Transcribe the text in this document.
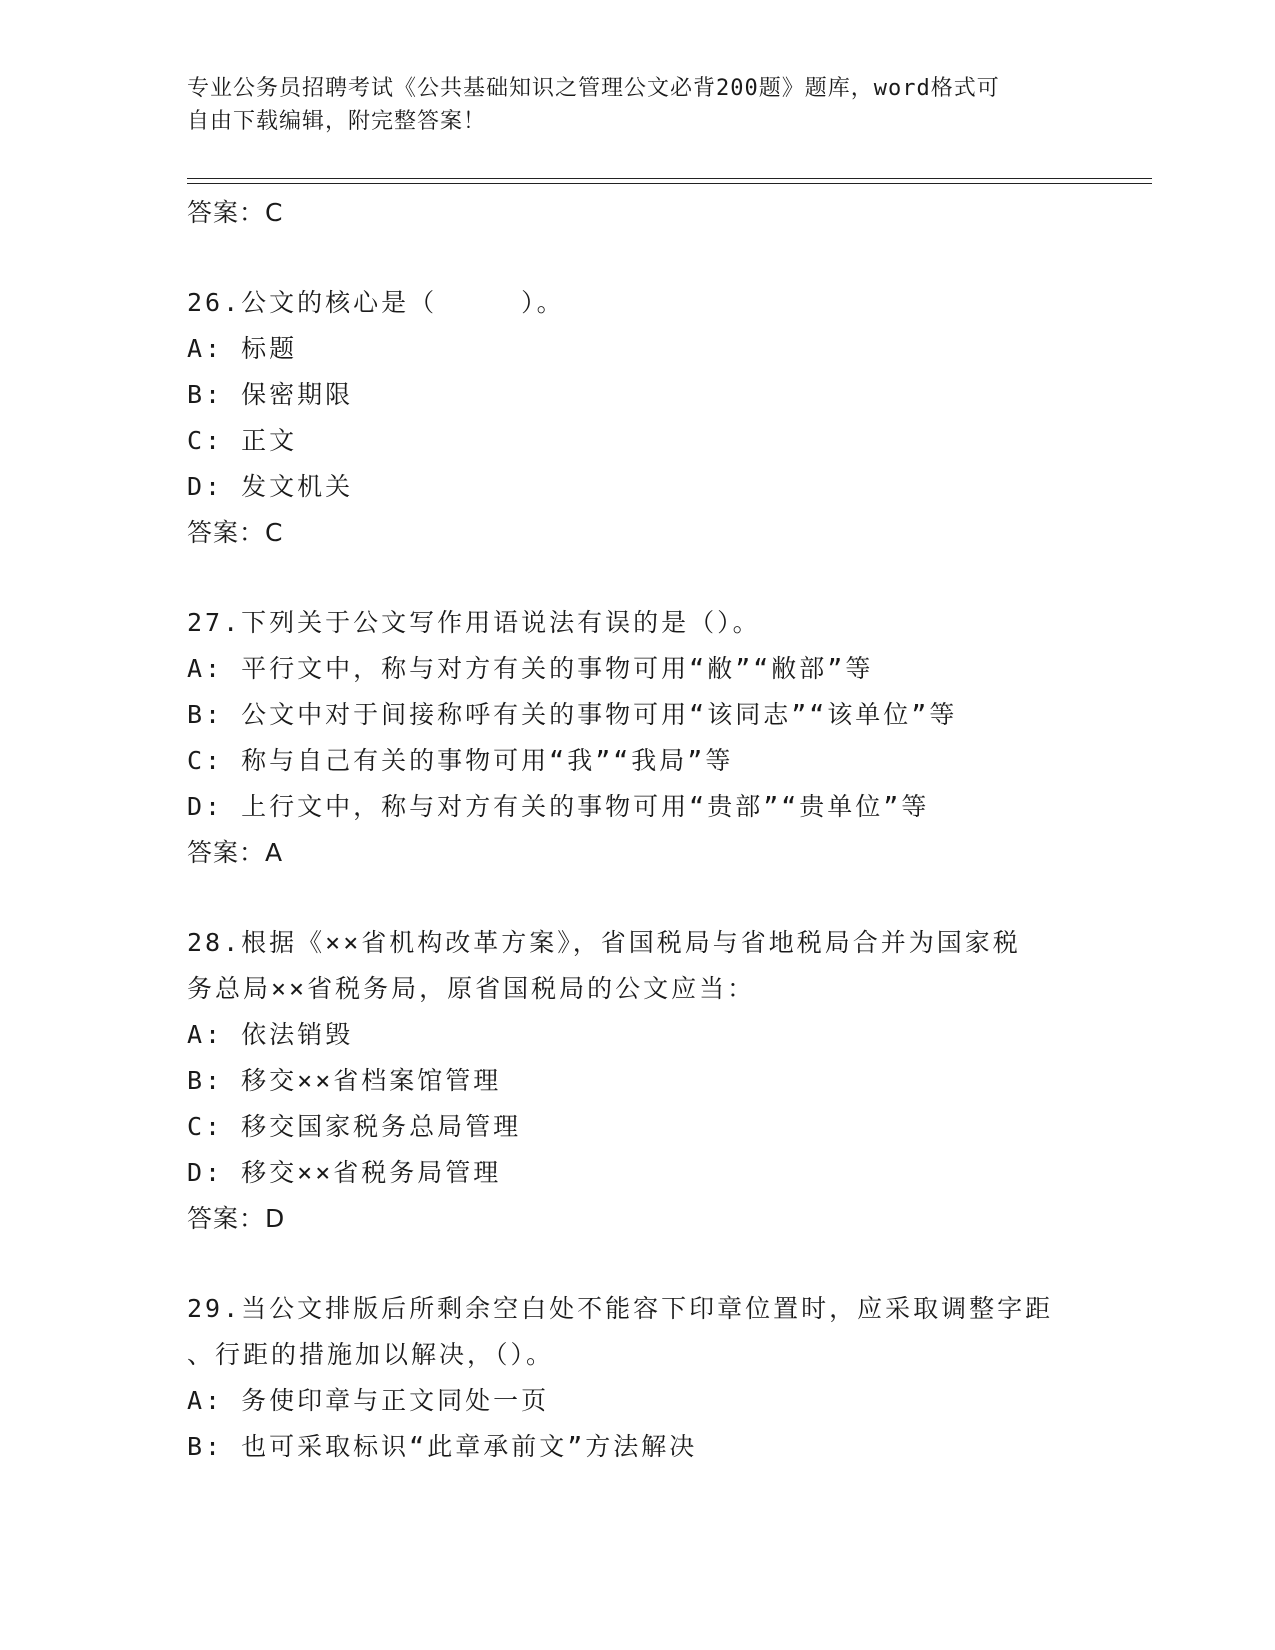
专业公务员招聘考试《公共基础知识之管理公文必背200题》题库，word格式可
自由下载编辑，附完整答案！
答案：C
26.公文的核心是（　　　）。
A: 标题
B: 保密期限
C: 正文
D: 发文机关
答案：C
27.下列关于公文写作用语说法有误的是（）。
A: 平行文中，称与对方有关的事物可用“敝”“敝部”等
B: 公文中对于间接称呼有关的事物可用“该同志”“该单位”等
C: 称与自己有关的事物可用“我”“我局”等
D: 上行文中，称与对方有关的事物可用“贵部”“贵单位”等
答案：A
28.根据《××省机构改革方案》，省国税局与省地税局合并为国家税
务总局××省税务局，原省国税局的公文应当：
A: 依法销毁
B: 移交××省档案馆管理
C: 移交国家税务总局管理
D: 移交××省税务局管理
答案：D
29.当公文排版后所剩余空白处不能容下印章位置时，应采取调整字距
、行距的措施加以解决，（）。
A: 务使印章与正文同处一页
B: 也可采取标识“此章承前文”方法解决
